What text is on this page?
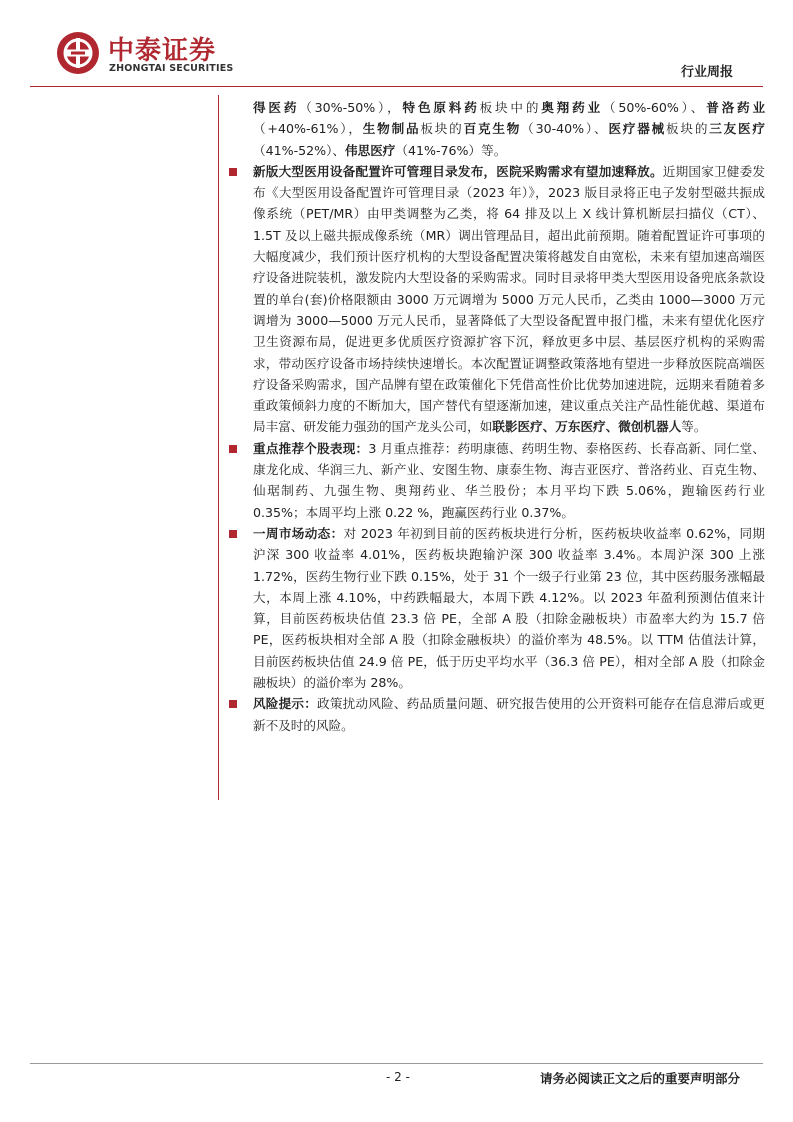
中泰证券
ZHONGTAI SECURITIES	行业周报

得医药（30%-50%），特色原料药板块中的奥翔药业（50%-60%）、普洛药业（+40%-61%），生物制品板块的百克生物（30-40%）、医疗器械板块的三友医疗（41%-52%）、伟思医疗（41%-76%）等。

新版大型医用设备配置许可管理目录发布，医院采购需求有望加速释放。近期国家卫健委发布《大型医用设备配置许可管理目录（2023 年）》，2023 版目录将正电子发射型磁共振成像系统（PET/MR）由甲类调整为乙类，将 64 排及以上 X 线计算机断层扫描仪（CT）、1.5T 及以上磁共振成像系统（MR）调出管理品目，超出此前预期。随着配置证许可事项的大幅度减少，我们预计医疗机构的大型设备配置决策将越发自由宽松，未来有望加速高端医疗设备进院装机，激发院内大型设备的采购需求。同时目录将甲类大型医用设备兜底条款设置的单台(套)价格限额由 3000 万元调增为 5000 万元人民币，乙类由 1000—3000 万元调增为 3000—5000 万元人民币，显著降低了大型设备配置申报门槛，未来有望优化医疗卫生资源布局，促进更多优质医疗资源扩容下沉，释放更多中层、基层医疗机构的采购需求，带动医疗设备市场持续快速增长。本次配置证调整政策落地有望进一步释放医院高端医疗设备采购需求，国产品牌有望在政策催化下凭借高性价比优势加速进院，远期来看随着多重政策倾斜力度的不断加大，国产替代有望逐渐加速，建议重点关注产品性能优越、渠道布局丰富、研发能力强劲的国产龙头公司，如联影医疗、万东医疗、微创机器人等。

重点推荐个股表现：3 月重点推荐：药明康德、药明生物、泰格医药、长春高新、同仁堂、康龙化成、华润三九、新产业、安图生物、康泰生物、海吉亚医疗、普洛药业、百克生物、仙琚制药、九强生物、奥翔药业、华兰股份；本月平均下跌 5.06%，跑输医药行业 0.35%；本周平均上涨 0.22 %，跑赢医药行业 0.37%。

一周市场动态：对 2023 年初到目前的医药板块进行分析，医药板块收益率 0.62%，同期沪深 300 收益率 4.01%，医药板块跑输沪深 300 收益率 3.4%。本周沪深 300 上涨 1.72%，医药生物行业下跌 0.15%，处于 31 个一级子行业第 23 位，其中医药服务涨幅最大，本周上涨 4.10%，中药跌幅最大，本周下跌 4.12%。以 2023 年盈利预测估值来计算，目前医药板块估值 23.3 倍 PE，全部 A 股（扣除金融板块）市盈率大约为 15.7 倍 PE，医药板块相对全部 A 股（扣除金融板块）的溢价率为 48.5%。以 TTM 估值法计算，目前医药板块估值 24.9 倍 PE，低于历史平均水平（36.3 倍 PE），相对全部 A 股（扣除金融板块）的溢价率为 28%。

风险提示：政策扰动风险、药品质量问题、研究报告使用的公开资料可能存在信息滞后或更新不及时的风险。

- 2 -	请务必阅读正文之后的重要声明部分
